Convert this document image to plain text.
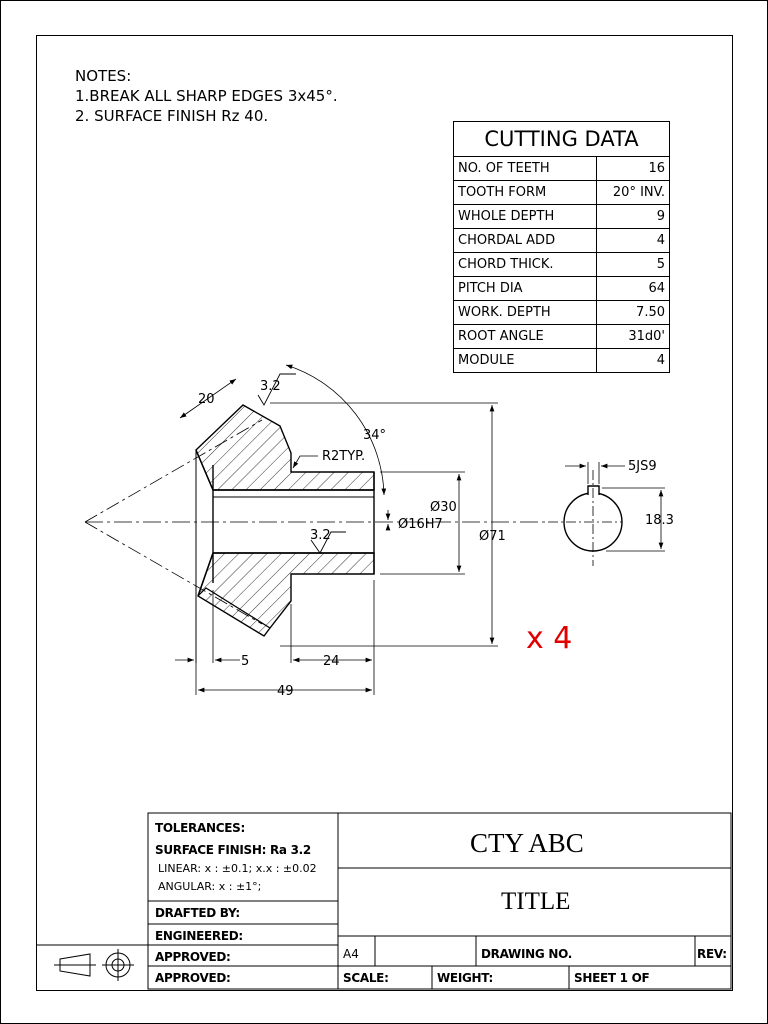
NOTES:
1.BREAK ALL SHARP EDGES 3x45°.
2. SURFACE FINISH Rz 40.
CUTTING DATA	
NO. OF TEETH	16
TOOTH FORM	20° INV.
WHOLE DEPTH	9
CHORDAL ADD	4
CHORD THICK.	5
PITCH DIA	64
WORK. DEPTH	7.50
ROOT ANGLE	31d0'
MODULE	4
20
3.2
34°
R2TYP.
Ø30
Ø16H7
3.2	Ø71
5	24
49
5JS9
18.3
x 4
TOLERANCES:
SURFACE FINISH: Ra 3.2
LINEAR: x : ±0.1; x.x : ±0.02
ANGULAR: x : ±1°;
DRAFTED BY:
ENGINEERED:
APPROVED:
APPROVED:
CTY ABC
TITLE
A4	DRAWING NO.	REV:
SCALE:	WEIGHT:	SHEET 1 OF
